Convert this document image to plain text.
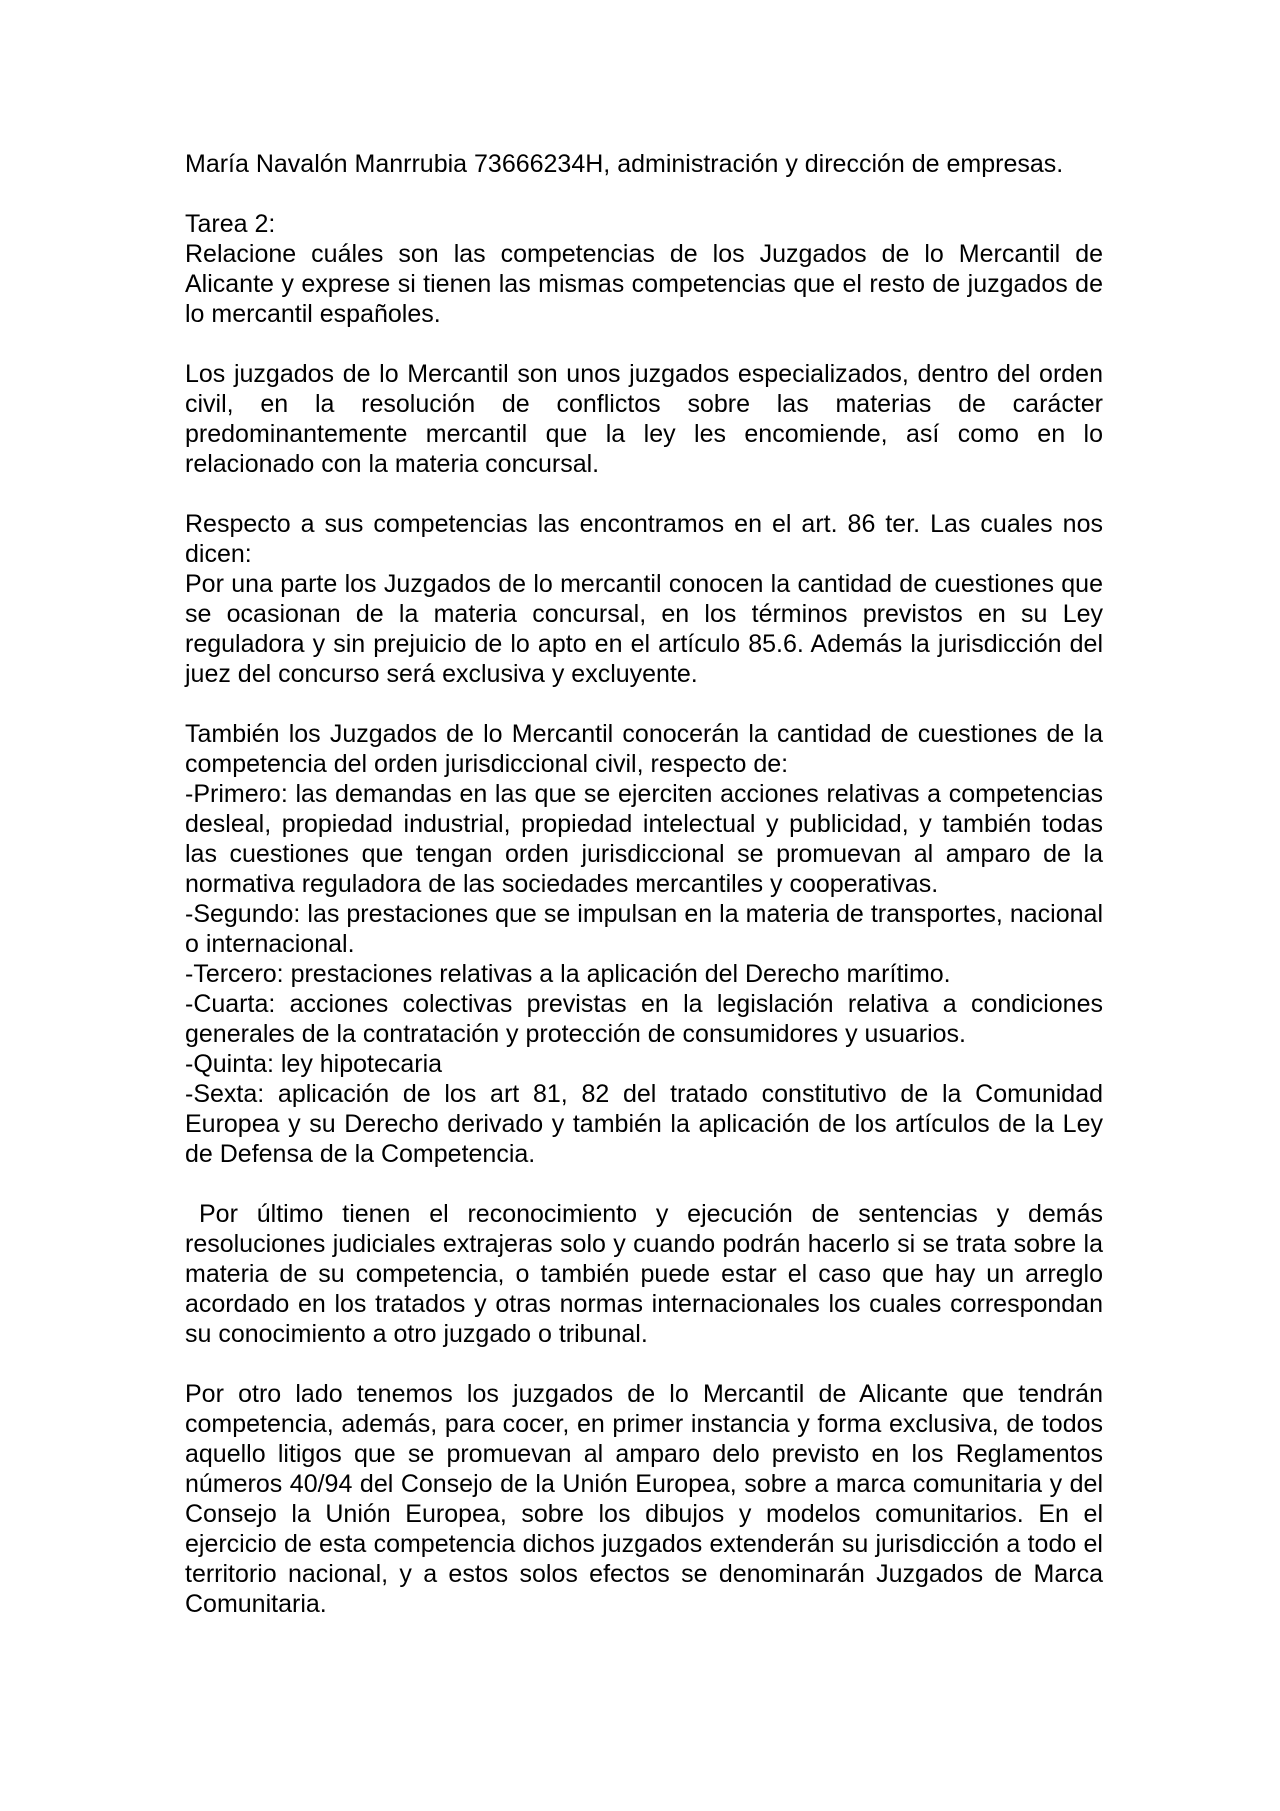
María Navalón Manrrubia 73666234H, administración y dirección de empresas.

Tarea 2:

Relacione cuáles son las competencias de los Juzgados de lo Mercantil de Alicante y exprese si tienen las mismas competencias que el resto de juzgados de lo mercantil españoles.

Los juzgados de lo Mercantil son unos juzgados especializados, dentro del orden civil, en la resolución de conflictos sobre las materias de carácter predominantemente mercantil que la ley les encomiende, así como en lo relacionado con la materia concursal.

Respecto a sus competencias las encontramos en el art. 86 ter. Las cuales nos dicen:

Por una parte los Juzgados de lo mercantil conocen la cantidad de cuestiones que se ocasionan de la materia concursal, en los términos previstos en su Ley reguladora y sin prejuicio de lo apto en el artículo 85.6. Además la jurisdicción del juez del concurso será exclusiva y excluyente.

También los Juzgados de lo Mercantil conocerán la cantidad de cuestiones de la competencia del orden jurisdiccional civil, respecto de:

-Primero: las demandas en las que se ejerciten acciones relativas a competencias desleal, propiedad industrial, propiedad intelectual y publicidad, y también todas las cuestiones que tengan orden jurisdiccional se promuevan al amparo de la normativa reguladora de las sociedades mercantiles y cooperativas.

-Segundo: las prestaciones que se impulsan en la materia de transportes, nacional o internacional.

-Tercero: prestaciones relativas a la aplicación del Derecho marítimo.

-Cuarta: acciones colectivas previstas en la legislación relativa a condiciones generales de la contratación y protección de consumidores y usuarios.

-Quinta: ley hipotecaria

-Sexta: aplicación de los art 81, 82 del tratado constitutivo de la Comunidad Europea y su Derecho derivado y también la aplicación de los artículos de la Ley de Defensa de la Competencia.

Por último tienen el reconocimiento y ejecución de sentencias y demás resoluciones judiciales extrajeras solo y cuando podrán hacerlo si se trata sobre la materia de su competencia, o también puede estar el caso que hay un arreglo acordado en los tratados y otras normas internacionales los cuales correspondan su conocimiento a otro juzgado o tribunal.

Por otro lado tenemos los juzgados de lo Mercantil de Alicante que tendrán competencia, además, para cocer, en primer instancia y forma exclusiva, de todos aquello litigos que se promuevan al amparo delo previsto en los Reglamentos números 40/94 del Consejo de la Unión Europea, sobre a marca comunitaria y del Consejo la Unión Europea, sobre los dibujos y modelos comunitarios. En el ejercicio de esta competencia dichos juzgados extenderán su jurisdicción a todo el territorio nacional, y a estos solos efectos se denominarán Juzgados de Marca Comunitaria.
